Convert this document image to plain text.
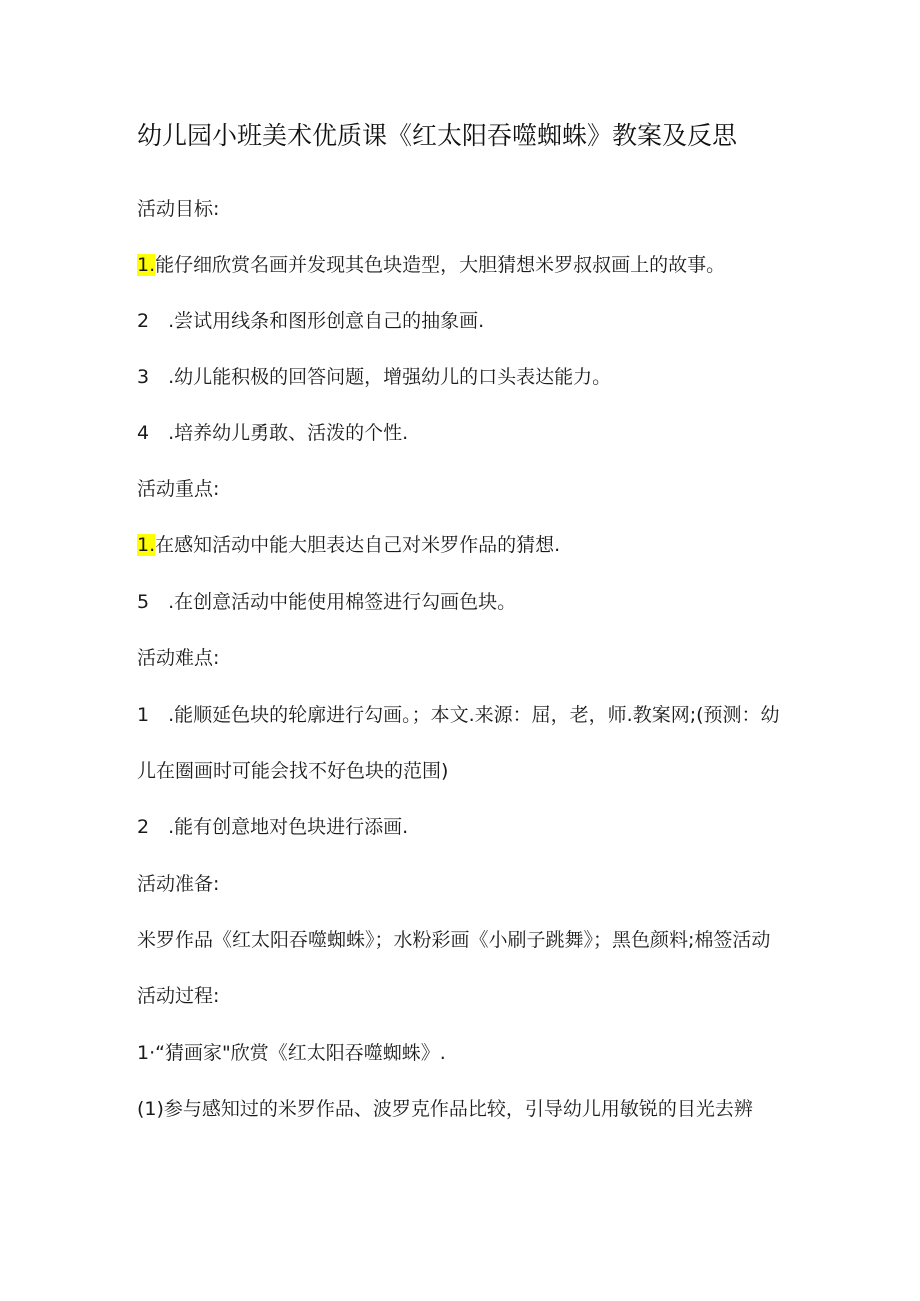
幼儿园小班美术优质课《红太阳吞噬蜘蛛》教案及反思
活动目标:
1.能仔细欣赏名画并发现其色块造型，大胆猜想米罗叔叔画上的故事。
2　.尝试用线条和图形创意自己的抽象画.
3　.幼儿能积极的回答问题，增强幼儿的口头表达能力。
4　.培养幼儿勇敢、活泼的个性.
活动重点:
1.在感知活动中能大胆表达自己对米罗作品的猜想.
5　.在创意活动中能使用棉签进行勾画色块。
活动难点:
1　.能顺延色块的轮廓进行勾画。；本文.来源：屈，老，师.教案网;(预测：幼
儿在圈画时可能会找不好色块的范围)
2　.能有创意地对色块进行添画.
活动准备:
米罗作品《红太阳吞噬蜘蛛》；水粉彩画《小刷子跳舞》；黑色颜料;棉签活动
活动过程:
1·“猜画家"欣赏《红太阳吞噬蜘蛛》.
(1)参与感知过的米罗作品、波罗克作品比较，引导幼儿用敏锐的目光去辨
